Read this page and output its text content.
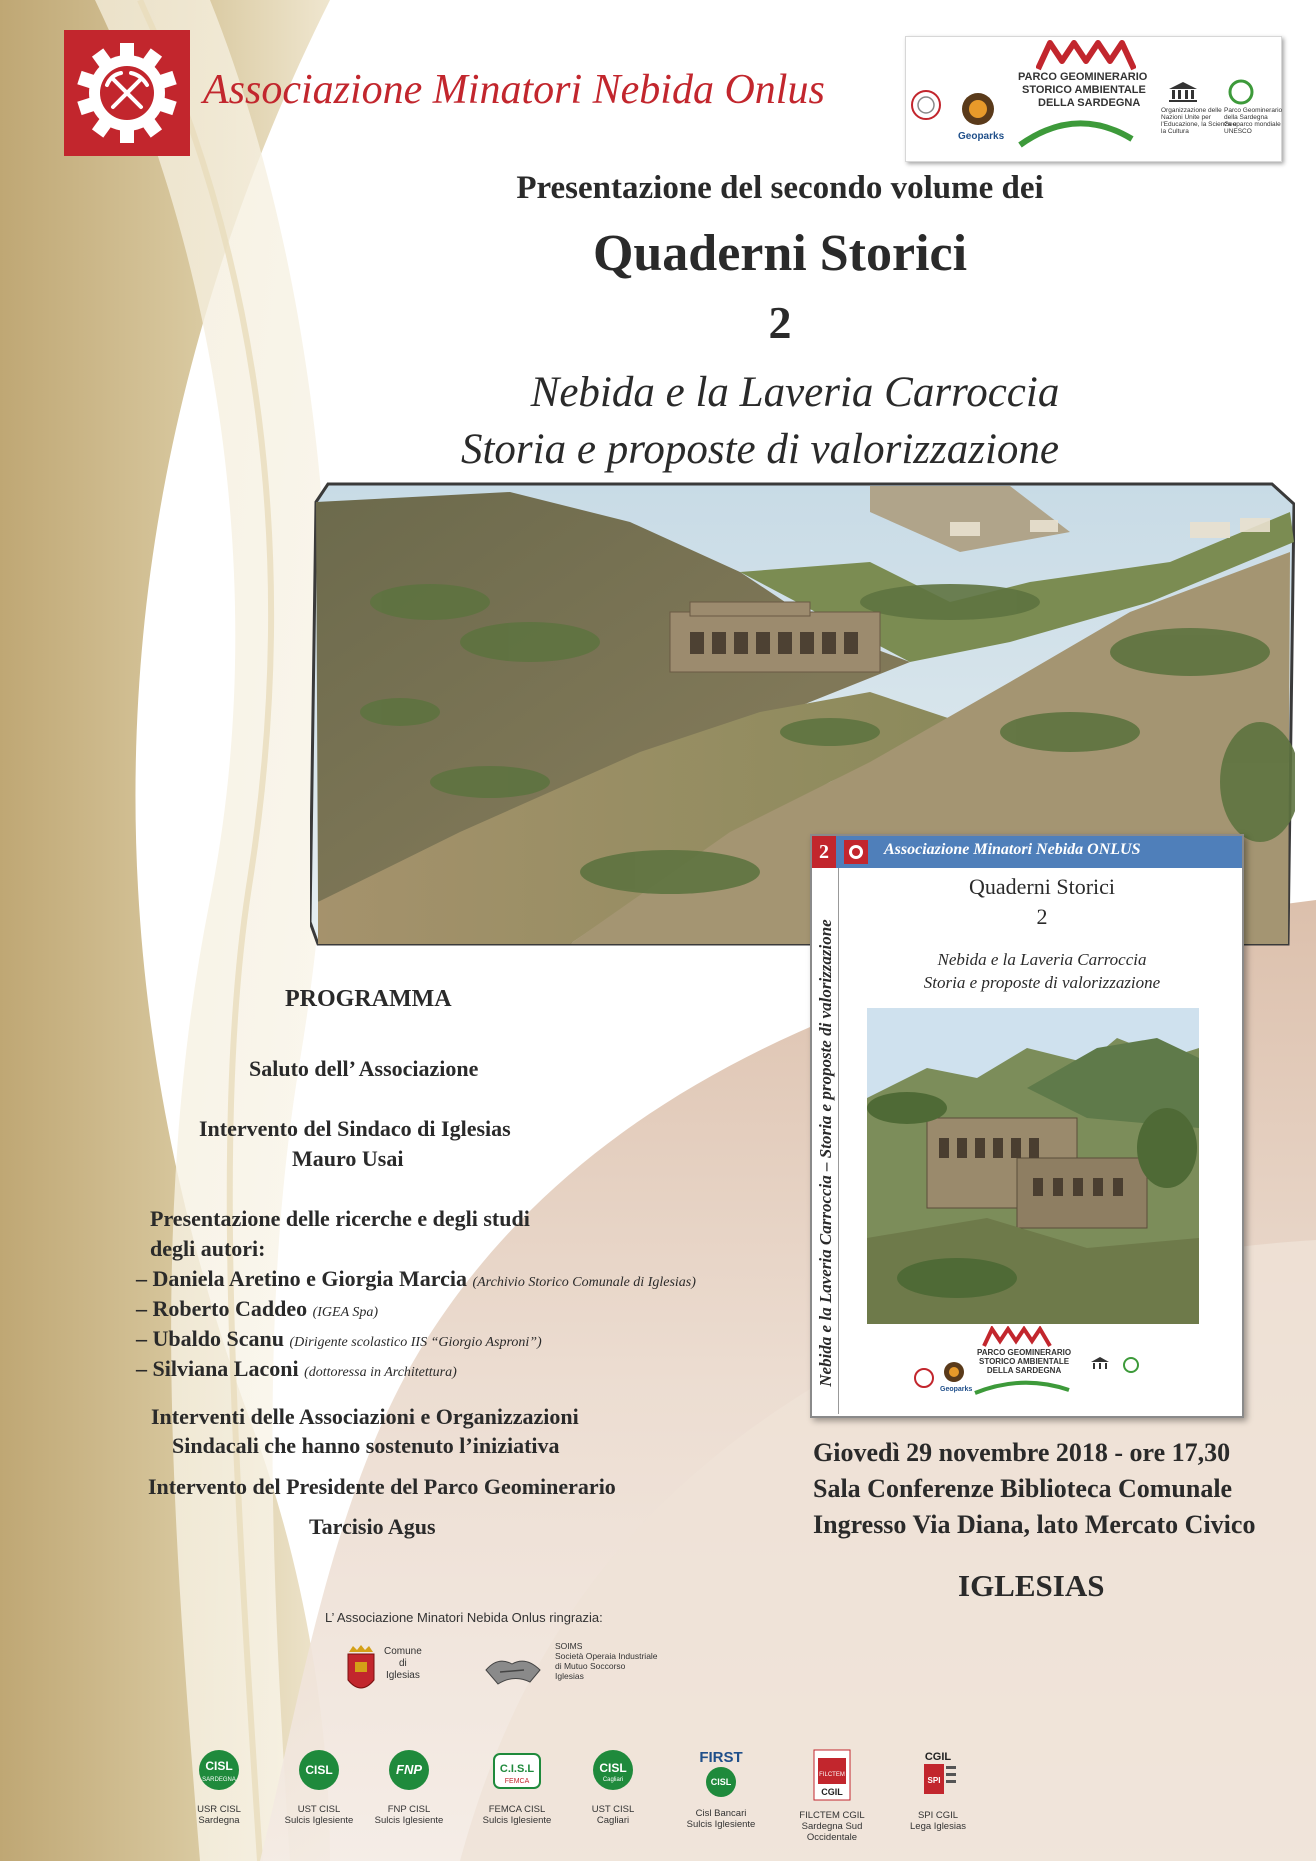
Associazione Minatori Nebida Onlus	PARCO GEOMINERARIO
STORICO AMBIENTALE
DELLA SARDEGNA
Geoparks
Organizzazione delle
Nazioni Unite per
l'Educazione, la Scienza e
la Cultura
Parco Geominerario
della Sardegna
Geoparco mondiale
UNESCO
Presentazione del secondo volume dei
Quaderni Storici
2
Nebida e la Laveria Carroccia
Storia e proposte di valorizzazione
2	Associazione Minatori Nebida ONLUS
Nebida e la Laveria Carroccia – Storia e proposte di valorizzazione
Quaderni Storici
2
Nebida e la Laveria Carroccia
Storia e proposte di valorizzazione
PARCO GEOMINERARIO
STORICO AMBIENTALE
DELLA SARDEGNA
Geoparks
PROGRAMMA
Saluto dell’ Associazione
Intervento del Sindaco di Iglesias
Mauro Usai
Presentazione delle ricerche e degli studi
degli autori:
– Daniela Aretino e Giorgia Marcia (Archivio Storico Comunale di Iglesias)
– Roberto Caddeo (IGEA Spa)
– Ubaldo Scanu (Dirigente scolastico IIS “Giorgio Asproni”)
– Silviana Laconi (dottoressa in Architettura)
Interventi delle Associazioni e Organizzazioni
Sindacali che hanno sostenuto l’iniziativa
Intervento del Presidente del Parco Geominerario
Tarcisio Agus
Giovedì 29 novembre 2018 - ore 17,30
Sala Conferenze Biblioteca Comunale
Ingresso Via Diana, lato Mercato Civico
IGLESIAS
L’ Associazione Minatori Nebida Onlus ringrazia:
Comune
di
Iglesias
SOIMS
Società Operaia Industriale
di Mutuo Soccorso
Iglesias
CISL
SARDEGNA
USR CISL
Sardegna
CISL
UST CISL
Sulcis Iglesiente
FNP
FNP CISL
Sulcis Iglesiente
C.I.S.L
FEMCA
FEMCA CISL
Sulcis Iglesiente
CISL
Cagliari
UST CISL
Cagliari
FIRST
CISL
Cisl Bancari
Sulcis Iglesiente
FILCTEM
CGIL
FILCTEM CGIL
Sardegna Sud
Occidentale
CGIL
SPI
SPI CGIL
Lega Iglesias
